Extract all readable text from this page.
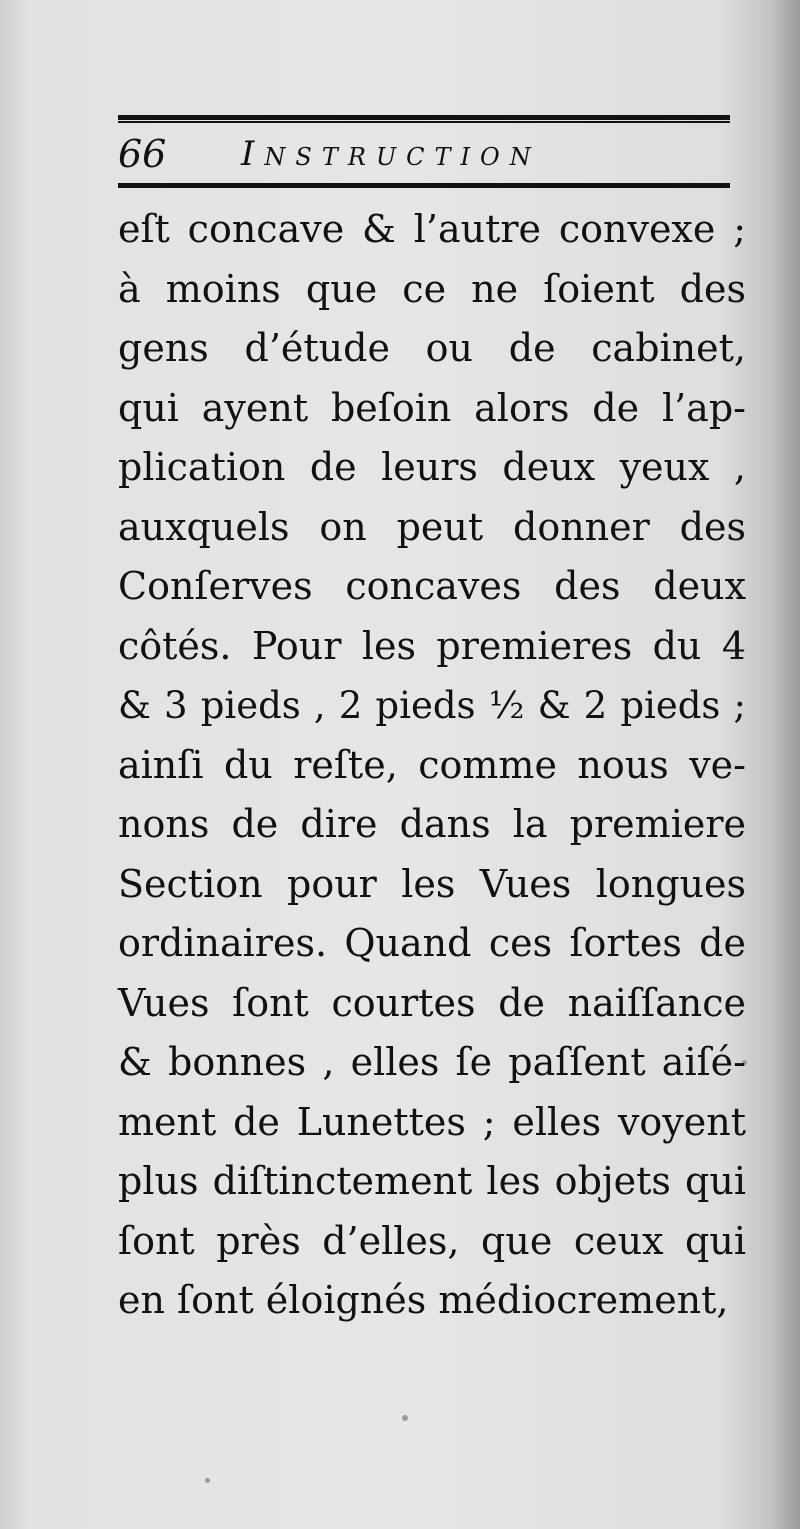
66 Instruction
eſt concave & l’autre convexe ;
à moins que ce ne ſoient des
gens d’étude ou de cabinet,
qui ayent beſoin alors de l’ap-
plication de leurs deux yeux ,
auxquels on peut donner des
Conſerves concaves des deux
côtés. Pour les premieres du 4
& 3 pieds , 2 pieds ½ & 2 pieds ;
ainſi du reſte, comme nous ve-
nons de dire dans la premiere
Section pour les Vues longues
ordinaires. Quand ces ſortes de
Vues ſont courtes de naiſſance
& bonnes , elles ſe paſſent aiſé-
ment de Lunettes ; elles voyent
plus diſtinctement les objets qui
ſont près d’elles, que ceux qui
en ſont éloignés médiocrement,
